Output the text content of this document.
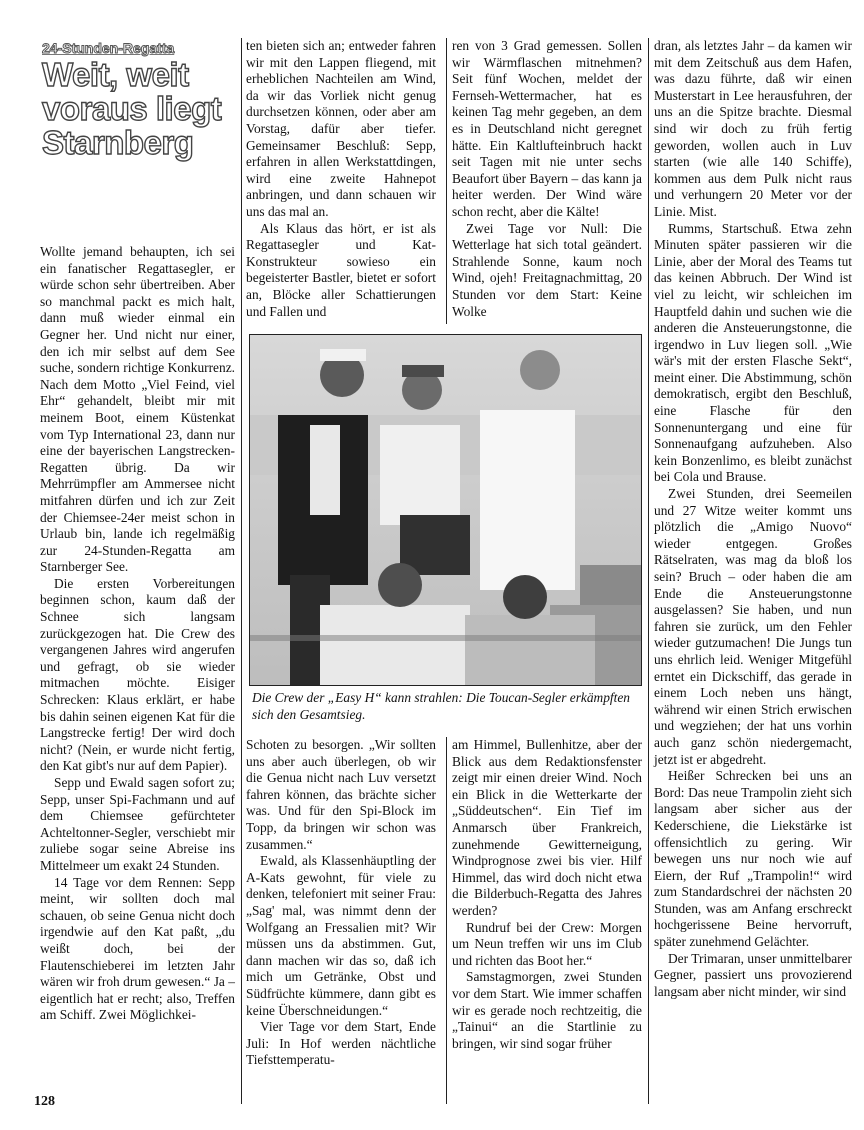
24-Stunden-Regatta
Weit, weit voraus liegt Starnberg

Wollte jemand behaupten, ich sei ein fanatischer Regattasegler, er würde schon sehr übertreiben. Aber so manchmal packt es mich halt, dann muß wieder einmal ein Gegner her. Und nicht nur einer, den ich mir selbst auf dem See suche, sondern richtige Konkurrenz. Nach dem Motto „Viel Feind, viel Ehr“ gehandelt, bleibt mir mit meinem Boot, einem Küstenkat vom Typ International 23, dann nur eine der bayerischen Langstrecken-Regatten übrig. Da wir Mehrrümpfler am Ammersee nicht mitfahren dürfen und ich zur Zeit der Chiemsee-24er meist schon in Urlaub bin, lande ich regelmäßig zur 24-Stunden-Regatta am Starnberger See.

Die ersten Vorbereitungen beginnen schon, kaum daß der Schnee sich langsam zurückgezogen hat. Die Crew des vergangenen Jahres wird angerufen und gefragt, ob sie wieder mitmachen möchte. Eisiger Schrecken: Klaus erklärt, er habe bis dahin seinen eigenen Kat für die Langstrecke fertig! Der wird doch nicht? (Nein, er wurde nicht fertig, den Kat gibt's nur auf dem Papier).

Sepp und Ewald sagen sofort zu; Sepp, unser Spi-Fachmann und auf dem Chiemsee gefürchteter Achteltonner-Segler, verschiebt mir zuliebe sogar seine Abreise ins Mittelmeer um exakt 24 Stunden.

14 Tage vor dem Rennen: Sepp meint, wir sollten doch mal schauen, ob seine Genua nicht doch irgendwie auf den Kat paßt, „du weißt doch, bei der Flautenschieberei im letzten Jahr wären wir froh drum gewesen.“ Ja – eigentlich hat er recht; also, Treffen am Schiff. Zwei Möglichkei-

ten bieten sich an; entweder fahren wir mit den Lappen fliegend, mit erheblichen Nachteilen am Wind, da wir das Vorliek nicht genug durchsetzen können, oder aber am Vorstag, dafür aber tiefer. Gemeinsamer Beschluß: Sepp, erfahren in allen Werkstattdingen, wird eine zweite Hahnepot anbringen, und dann schauen wir uns das mal an.

Als Klaus das hört, er ist als Regattasegler und Kat-Konstrukteur sowieso ein begeisterter Bastler, bietet er sofort an, Blöcke aller Schattierungen und Fallen und

ren von 3 Grad gemessen. Sollen wir Wärmflaschen mitnehmen? Seit fünf Wochen, meldet der Fernseh-Wettermacher, hat es keinen Tag mehr gegeben, an dem es in Deutschland nicht geregnet hätte. Ein Kaltlufteinbruch hackt seit Tagen mit nie unter sechs Beaufort über Bayern – das kann ja heiter werden. Der Wind wäre schon recht, aber die Kälte!

Zwei Tage vor Null: Die Wetterlage hat sich total geändert. Strahlende Sonne, kaum noch Wind, ojeh! Freitagnachmittag, 20 Stunden vor dem Start: Keine Wolke

Die Crew der „Easy H“ kann strahlen: Die Toucan-Segler erkämpften sich den Gesamtsieg.

dran, als letztes Jahr – da kamen wir mit dem Zeitschuß aus dem Hafen, was dazu führte, daß wir einen Musterstart in Lee herausfuhren, der uns an die Spitze brachte. Diesmal sind wir doch zu früh fertig geworden, wollen auch in Luv starten (wie alle 140 Schiffe), kommen aus dem Pulk nicht raus und verhungern 20 Meter vor der Linie. Mist.

Rumms, Startschuß. Etwa zehn Minuten später passieren wir die Linie, aber der Moral des Teams tut das keinen Abbruch. Der Wind ist viel zu leicht, wir schleichen im Hauptfeld dahin und suchen wie die anderen die Ansteuerungstonne, die irgendwo in Luv liegen soll. „Wie wär's mit der ersten Flasche Sekt“, meint einer. Die Abstimmung, schön demokratisch, ergibt den Beschluß, eine Flasche für den Sonnenuntergang und eine für Sonnenaufgang aufzuheben. Also kein Bonzenlimo, es bleibt zunächst bei Cola und Brause.

Zwei Stunden, drei Seemeilen und 27 Witze weiter kommt uns plötzlich die „Amigo Nuovo“ wieder entgegen. Großes Rätselraten, was mag da bloß los sein? Bruch – oder haben die am Ende die Ansteuerungstonne ausgelassen? Sie haben, und nun fahren sie zurück, um den Fehler wieder gutzumachen! Die Jungs tun uns ehrlich leid. Weniger Mitgefühl erntet ein Dickschiff, das gerade in einem Loch neben uns hängt, während wir einen Strich erwischen und wegziehen; der hat uns vorhin auch ganz schön niedergemacht, jetzt ist er abgedreht.

Heißer Schrecken bei uns an Bord: Das neue Trampolin zieht sich langsam aber sicher aus der Kederschiene, die Liekstärke ist offensichtlich zu gering. Wir bewegen uns nur noch wie auf Eiern, der Ruf „Trampolin!“ wird zum Standardschrei der nächsten 20 Stunden, was am Anfang erschreckt hochgerissene Beine hervorruft, später zunehmend Gelächter.

Der Trimaran, unser unmittelbarer Gegner, passiert uns provozierend langsam aber nicht minder, wir sind

Schoten zu besorgen. „Wir sollten uns aber auch überlegen, ob wir die Genua nicht nach Luv versetzt fahren können, das brächte sicher was. Und für den Spi-Block im Topp, da bringen wir schon was zusammen.“

Ewald, als Klassenhäuptling der A-Kats gewohnt, für viele zu denken, telefoniert mit seiner Frau: „Sag' mal, was nimmt denn der Wolfgang an Fressalien mit? Wir müssen uns da abstimmen. Gut, dann machen wir das so, daß ich mich um Getränke, Obst und Südfrüchte kümmere, dann gibt es keine Überschneidungen.“

Vier Tage vor dem Start, Ende Juli: In Hof werden nächtliche Tiefsttemperatu-

am Himmel, Bullenhitze, aber der Blick aus dem Redaktionsfenster zeigt mir einen dreier Wind. Noch ein Blick in die Wetterkarte der „Süddeutschen“. Ein Tief im Anmarsch über Frankreich, zunehmende Gewitterneigung, Windprognose zwei bis vier. Hilf Himmel, das wird doch nicht etwa die Bilderbuch-Regatta des Jahres werden?

Rundruf bei der Crew: Morgen um Neun treffen wir uns im Club und richten das Boot her.“

Samstagmorgen, zwei Stunden vor dem Start. Wie immer schaffen wir es gerade noch rechtzeitig, die „Tainui“ an die Startlinie zu bringen, wir sind sogar früher

128
